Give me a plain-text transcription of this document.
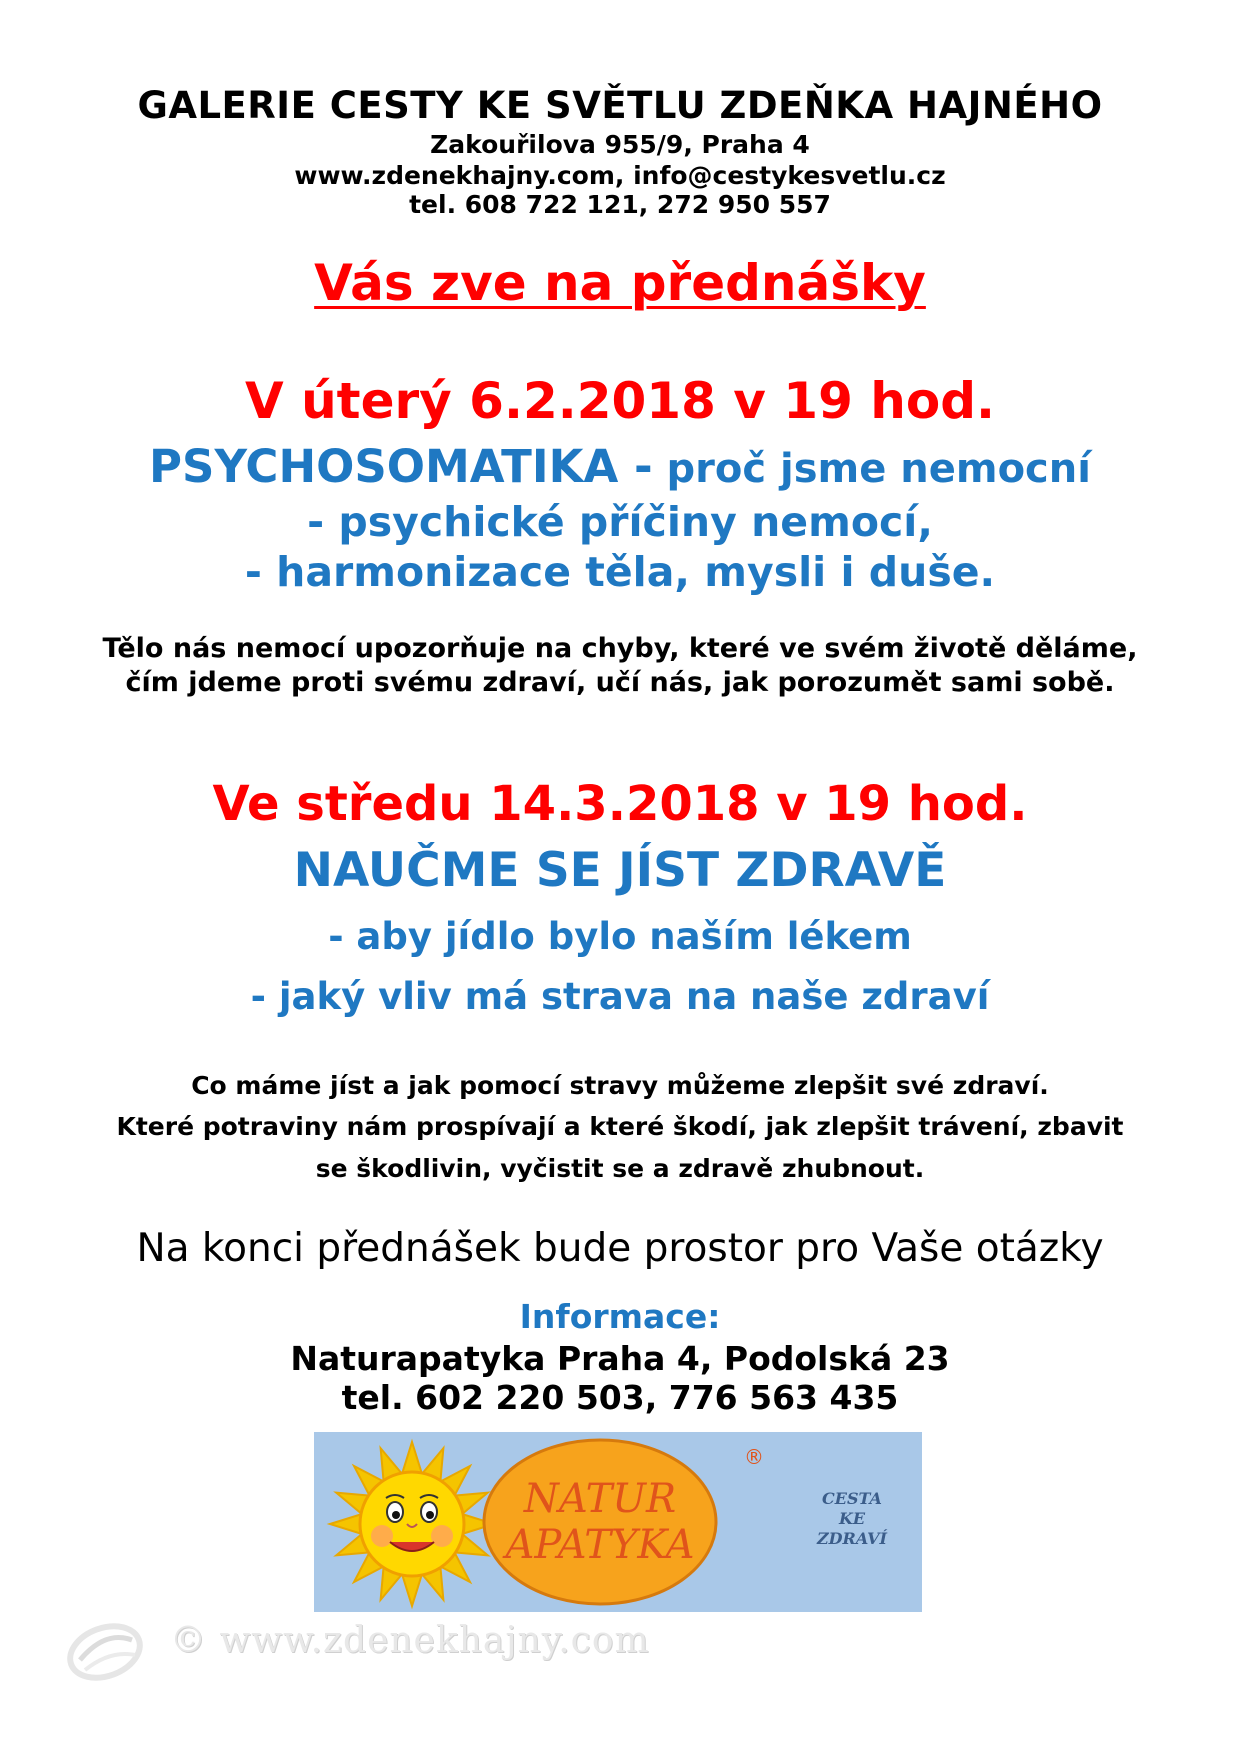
GALERIE CESTY KE SVĚTLU ZDEŇKA HAJNÉHO
Zakouřilova 955/9, Praha 4
www.zdenekhajny.com, info@cestykesvetlu.cz
tel. 608 722 121, 272 950 557
Vás zve na přednášky
V úterý 6.2.2018 v 19 hod.
PSYCHOSOMATIKA - proč jsme nemocní
- psychické příčiny nemocí,
- harmonizace těla, mysli i duše.
Tělo nás nemocí upozorňuje na chyby, které ve svém životě děláme,
čím jdeme proti svému zdraví, učí nás, jak porozumět sami sobě.
Ve středu 14.3.2018 v 19 hod.
NAUČME SE JÍST ZDRAVĚ
- aby jídlo bylo naším lékem
- jaký vliv má strava na naše zdraví
Co máme jíst a jak pomocí stravy můžeme zlepšit své zdraví.
Které potraviny nám prospívají a které škodí, jak zlepšit trávení, zbavit
se škodlivin, vyčistit se a zdravě zhubnout.
Na konci přednášek bude prostor pro Vaše otázky
Informace:
Naturapatyka Praha 4, Podolská 23
tel. 602 220 503, 776 563 435
NATUR
APATYKA
®
CESTA
KE
ZDRAVÍ
© www.zdenekhajny.com
